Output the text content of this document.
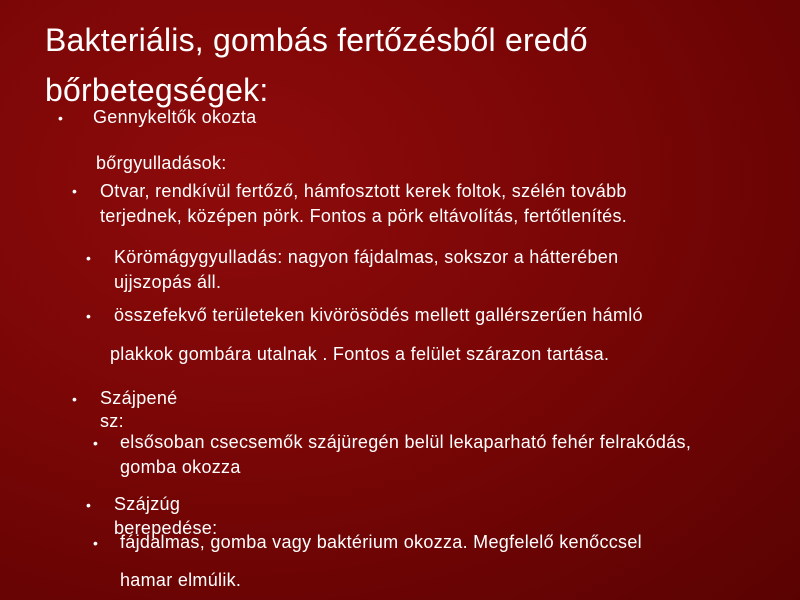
Bakteriális, gombás fertőzésből eredő
bőrbetegségek:
• Gennykeltők okozta
bőrgyulladások:
• Otvar, rendkívül fertőző, hámfosztott kerek foltok, szélén tovább
terjednek, középen pörk. Fontos a pörk eltávolítás, fertőtlenítés.
• Körömágygyulladás: nagyon fájdalmas, sokszor a hátterében
ujjszopás áll.
• összefekvő területeken kivörösödés mellett gallérszerűen hámló
plakkok gombára utalnak . Fontos a felület szárazon tartása.
• Szájpené
sz:
• elsősoban csecsemők szájüregén belül lekaparható fehér felrakódás,
gomba okozza
• Szájzúg
berepedése:
• fájdalmas, gomba vagy baktérium okozza. Megfelelő kenőccsel
hamar elmúlik.
